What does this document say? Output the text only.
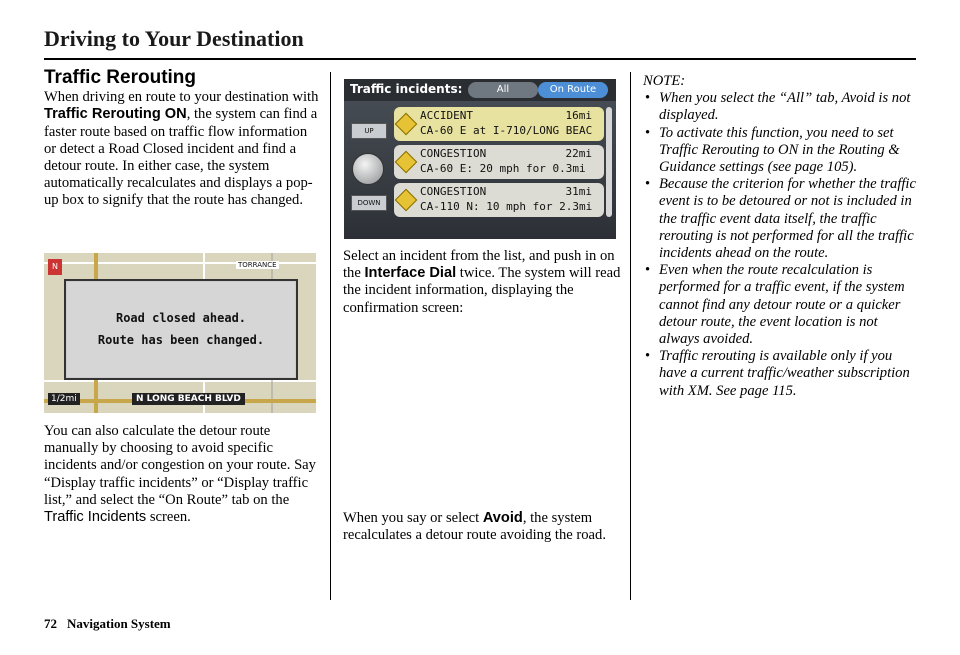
Driving to Your Destination
Traffic Rerouting

When driving en route to your destination with Traffic Rerouting ON, the system can find a faster route based on traffic flow information or detect a Road Closed incident and find a detour route. In either case, the system automatically recalculates and displays a pop-up box to signify that the route has changed.

N	TORRANCE
Road closed ahead.
Route has been changed.
1/2mi	N LONG BEACH BLVD

You can also calculate the detour route manually by choosing to avoid specific incidents and/or congestion on your route. Say “Display traffic incidents” or “Display traffic list,” and select the “On Route” tab on the Traffic Incidents screen.

Traffic incidents:	All	On Route
UP
DOWN
ACCIDENT	16mi
CA-60 E at I-710/LONG BEAC
CONGESTION	22mi
CA-60 E: 20 mph for 0.3mi
CONGESTION	31mi
CA-110 N: 10 mph for 2.3mi

Select an incident from the list, and push in on the Interface Dial twice. The system will read the incident information, displaying the confirmation screen:

When you say or select Avoid, the system recalculates a detour route avoiding the road.

NOTE:

• When you select the “All” tab, Avoid is not displayed.
• To activate this function, you need to set Traffic Rerouting to ON in the Routing & Guidance settings (see page 105).
• Because the criterion for whether the traffic event is to be detoured or not is included in the traffic event data itself, the traffic rerouting is not performed for all the traffic incidents ahead on the route.
• Even when the route recalculation is performed for a traffic event, if the system cannot find any detour route or a quicker detour route, the event location is not always avoided.
• Traffic rerouting is available only if you have a current traffic/weather subscription with XM. See page 115.
72 Navigation System
